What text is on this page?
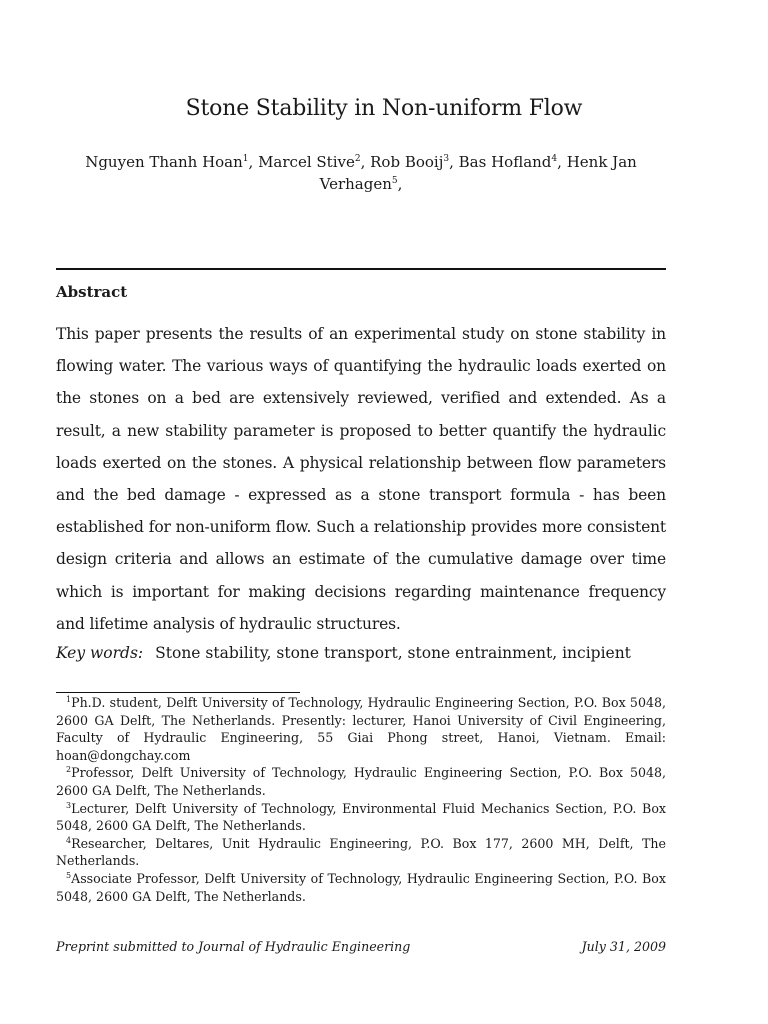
Stone Stability in Non-uniform Flow
Nguyen Thanh Hoan$^1$, Marcel Stive$^2$, Rob Booij$^3$, Bas Hofland$^4$, Henk Jan Verhagen$^5$,
Abstract
This paper presents the results of an experimental study on stone stability in flowing water. The various ways of quantifying the hydraulic loads exerted on the stones on a bed are extensively reviewed, verified and extended. As a result, a new stability parameter is proposed to better quantify the hydraulic loads exerted on the stones. A physical relationship between flow parameters and the bed damage - expressed as a stone transport formula - has been established for non-uniform flow. Such a relationship provides more consistent design criteria and allows an estimate of the cumulative damage over time which is important for making decisions regarding maintenance frequency and lifetime analysis of hydraulic structures.
Key words: Stone stability, stone transport, stone entrainment, incipient

$^1$Ph.D. student, Delft University of Technology, Hydraulic Engineering Section, P.O. Box 5048, 2600 GA Delft, The Netherlands. Presently: lecturer, Hanoi University of Civil Engineering, Faculty of Hydraulic Engineering, 55 Giai Phong street, Hanoi, Vietnam. Email: hoan@dongchay.com

$^2$Professor, Delft University of Technology, Hydraulic Engineering Section, P.O. Box 5048, 2600 GA Delft, The Netherlands.

$^3$Lecturer, Delft University of Technology, Environmental Fluid Mechanics Section, P.O. Box 5048, 2600 GA Delft, The Netherlands.

$^4$Researcher, Deltares, Unit Hydraulic Engineering, P.O. Box 177, 2600 MH, Delft, The Netherlands.

$^5$Associate Professor, Delft University of Technology, Hydraulic Engineering Section, P.O. Box 5048, 2600 GA Delft, The Netherlands.

Preprint submitted to Journal of Hydraulic Engineering	July 31, 2009
